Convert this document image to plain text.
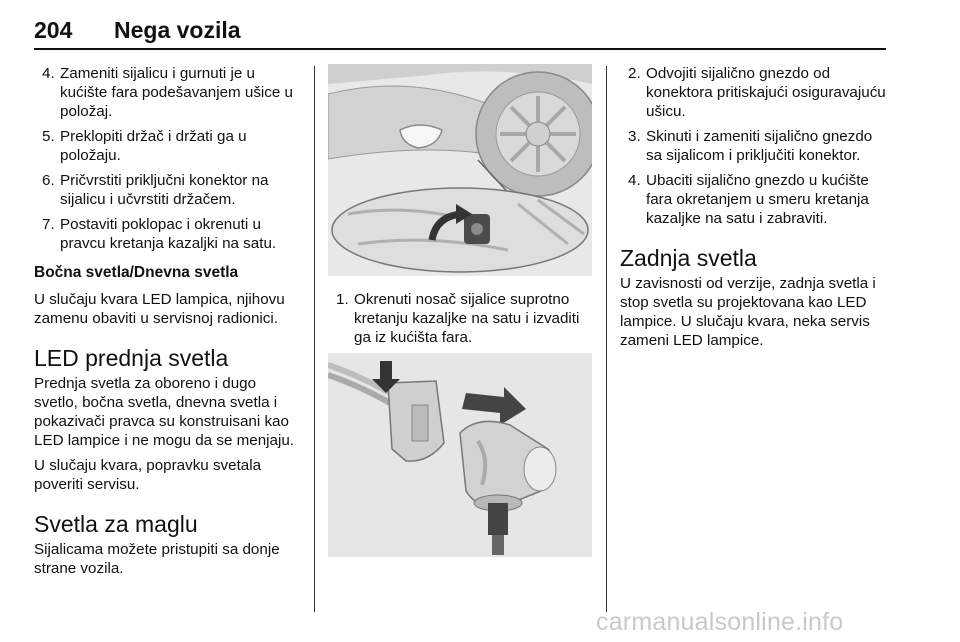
204	Nega vozila
4. Zameniti sijalicu i gurnuti je u kućište fara podešavanjem ušice u položaj.
5. Preklopiti držač i držati ga u položaju.
6. Pričvrstiti priključni konektor na sijalicu i učvrstiti držačem.
7. Postaviti poklopac i okrenuti u pravcu kretanja kazaljki na satu.
Bočna svetla/Dnevna svetla

U slučaju kvara LED lampica, njihovu zamenu obaviti u servisnoj radionici.

LED prednja svetla

Prednja svetla za oboreno i dugo svetlo, bočna svetla, dnevna svetla i pokazivači pravca su konstruisani kao LED lampice i ne mogu da se menjaju.

U slučaju kvara, popravku svetala poveriti servisu.

Svetla za maglu

Sijalicama možete pristupiti sa donje strane vozila.

1. Okrenuti nosač sijalice suprotno kretanju kazaljke na satu i izvaditi ga iz kućišta fara.
2. Odvojiti sijalično gnezdo od konektora pritiskajući osiguravajuću ušicu.
3. Skinuti i zameniti sijalično gnezdo sa sijalicom i priključiti konektor.
4. Ubaciti sijalično gnezdo u kućište fara okretanjem u smeru kretanja kazaljke na satu i zabraviti.
Zadnja svetla

U zavisnosti od verzije, zadnja svetla i stop svetla su projektovana kao LED lampice. U slučaju kvara, neka servis zameni LED lampice.

carmanualsonline.info
